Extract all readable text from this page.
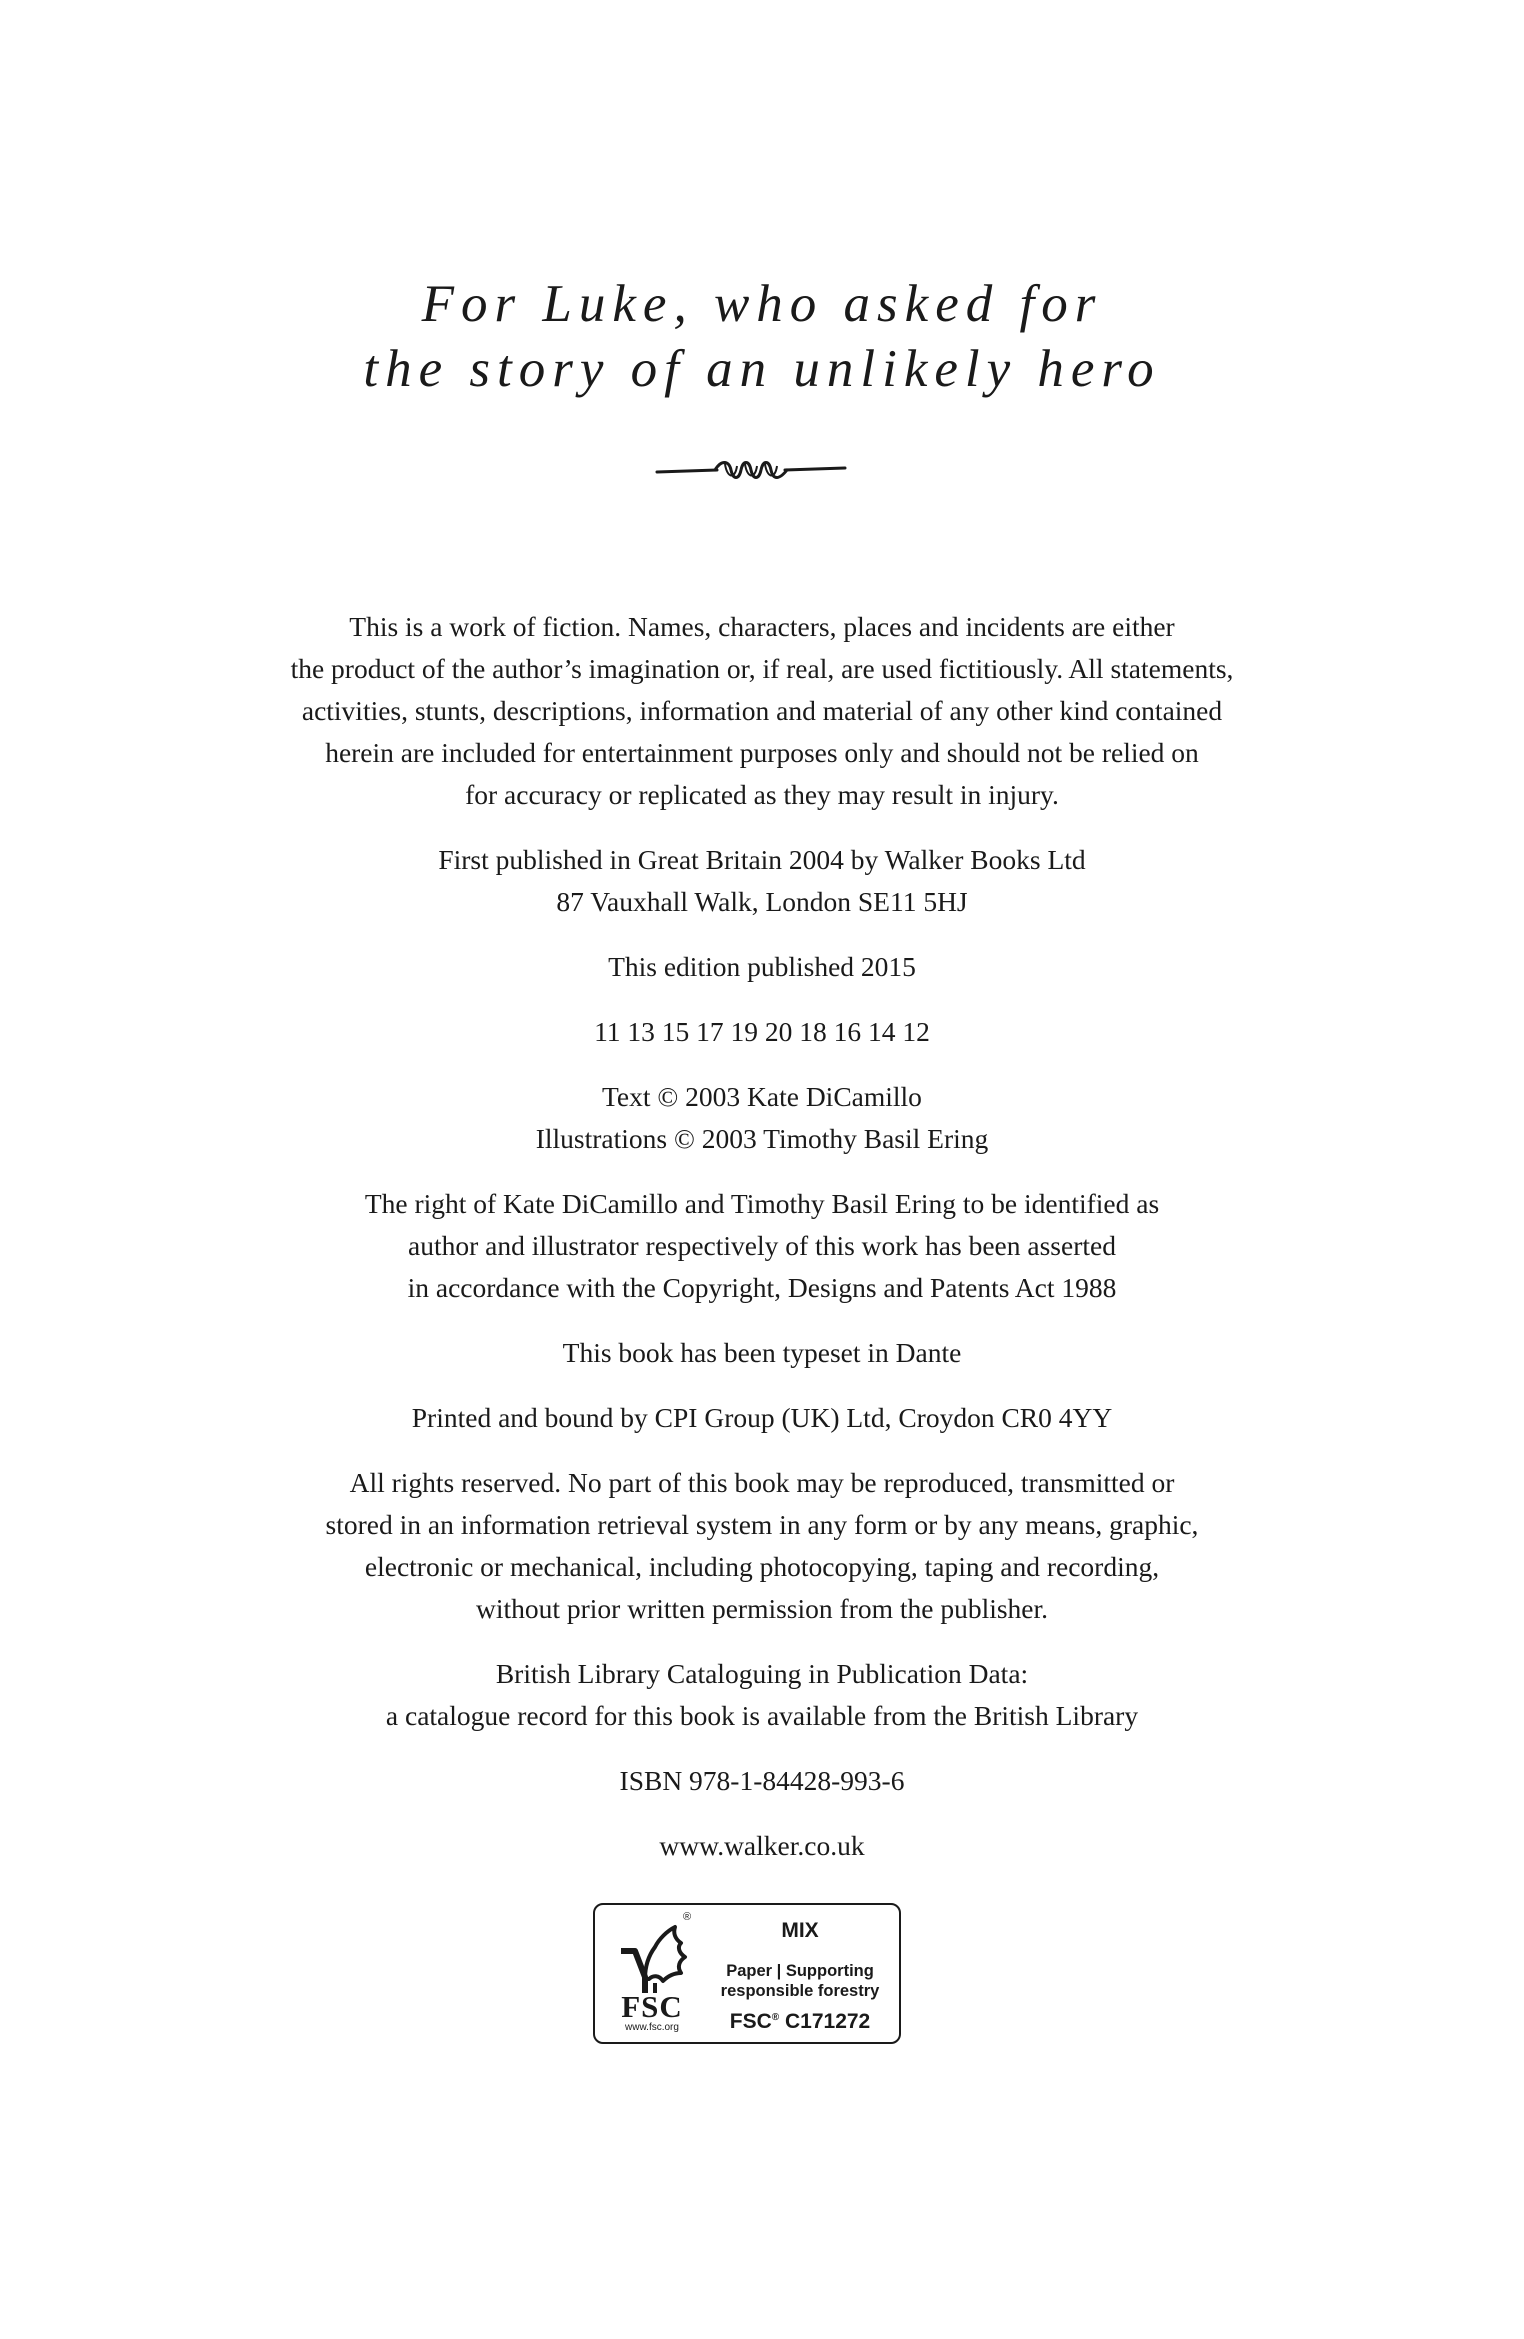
For Luke, who asked for
the story of an unlikely hero
This is a work of fiction. Names, characters, places and incidents are either
the product of the author’s imagination or, if real, are used fictitiously. All statements,
activities, stunts, descriptions, information and material of any other kind contained
herein are included for entertainment purposes only and should not be relied on
for accuracy or replicated as they may result in injury.
First published in Great Britain 2004 by Walker Books Ltd
87 Vauxhall Walk, London SE11 5HJ
This edition published 2015
11 13 15 17 19 20 18 16 14 12
Text © 2003 Kate DiCamillo
Illustrations © 2003 Timothy Basil Ering
The right of Kate DiCamillo and Timothy Basil Ering to be identified as
author and illustrator respectively of this work has been asserted
in accordance with the Copyright, Designs and Patents Act 1988
This book has been typeset in Dante
Printed and bound by CPI Group (UK) Ltd, Croydon CR0 4YY
All rights reserved. No part of this book may be reproduced, transmitted or
stored in an information retrieval system in any form or by any means, graphic,
electronic or mechanical, including photocopying, taping and recording,
without prior written permission from the publisher.
British Library Cataloguing in Publication Data:
a catalogue record for this book is available from the British Library
ISBN 978-1-84428-993-6
www.walker.co.uk
®
FSC
www.fsc.org
MIX
Paper | Supporting
responsible forestry
FSC® C171272
